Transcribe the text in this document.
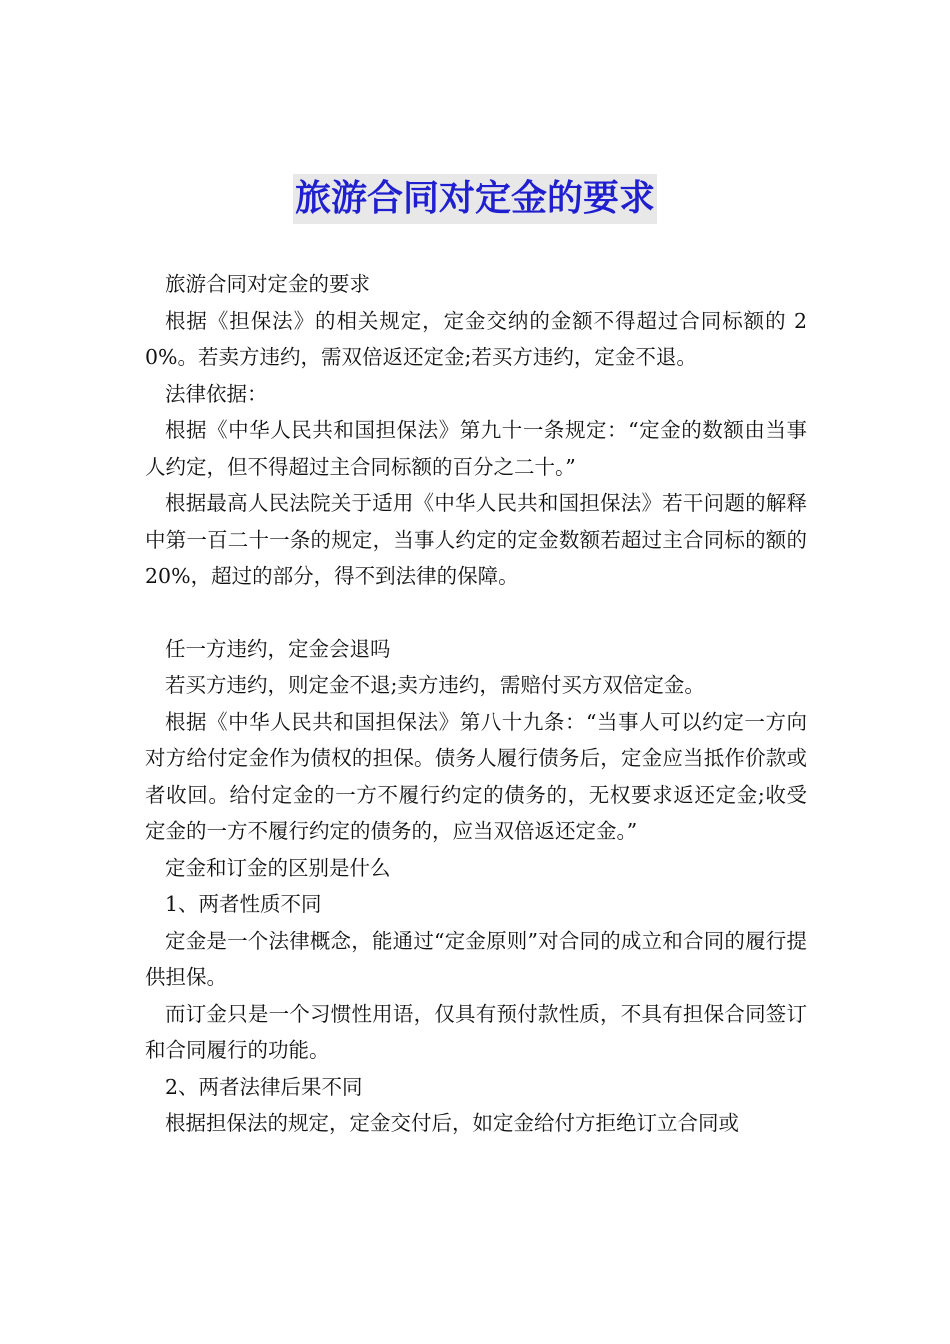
旅游合同对定金的要求

旅游合同对定金的要求

根据《担保法》的相关规定，定金交纳的金额不得超过合同标额的 20%。若卖方违约，需双倍返还定金;若买方违约，定金不退。

法律依据：

根据《中华人民共和国担保法》第九十一条规定：“定金的数额由当事人约定，但不得超过主合同标额的百分之二十。”

根据最高人民法院关于适用《中华人民共和国担保法》若干问题的解释中第一百二十一条的规定，当事人约定的定金数额若超过主合同标的额的 20%，超过的部分，得不到法律的保障。

任一方违约，定金会退吗

若买方违约，则定金不退;卖方违约，需赔付买方双倍定金。

根据《中华人民共和国担保法》第八十九条：“当事人可以约定一方向对方给付定金作为债权的担保。债务人履行债务后，定金应当抵作价款或者收回。给付定金的一方不履行约定的债务的，无权要求返还定金;收受定金的一方不履行约定的债务的，应当双倍返还定金。”

定金和订金的区别是什么

1、两者性质不同

定金是一个法律概念，能通过“定金原则”对合同的成立和合同的履行提供担保。

而订金只是一个习惯性用语，仅具有预付款性质，不具有担保合同签订和合同履行的功能。

2、两者法律后果不同

根据担保法的规定，定金交付后，如定金给付方拒绝订立合同或
